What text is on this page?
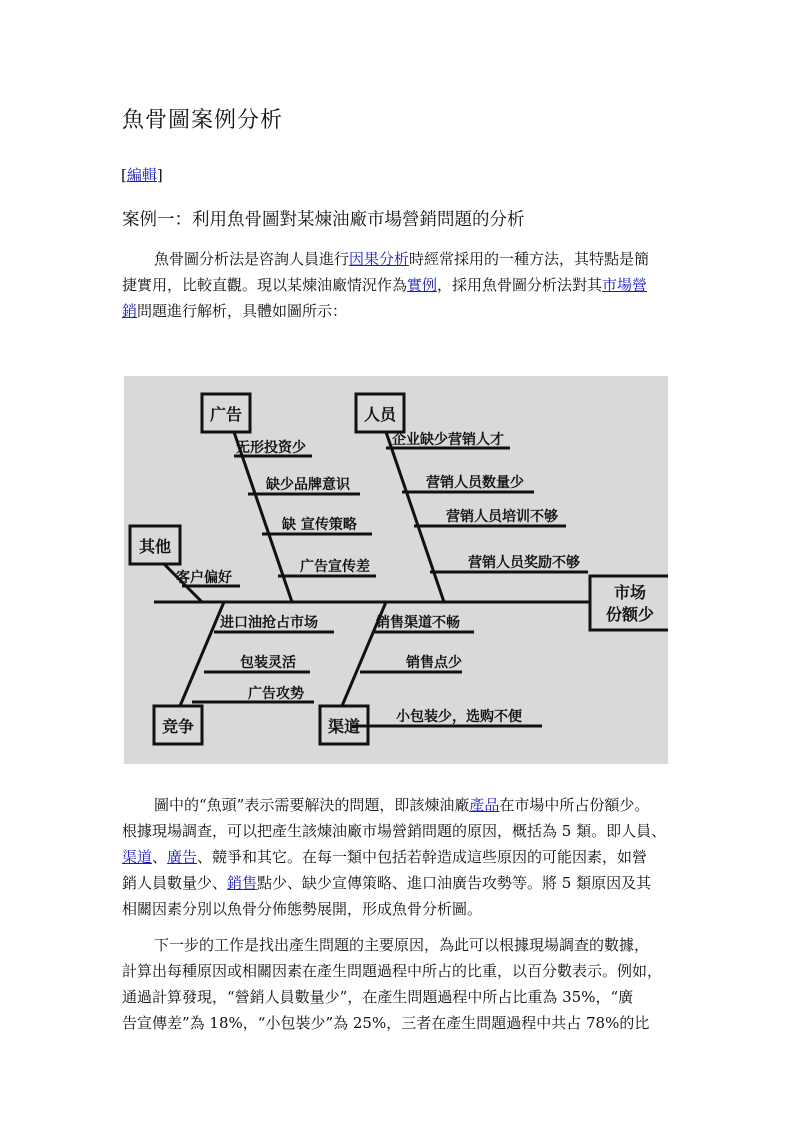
魚骨圖案例分析
[編輯]
案例一：利用魚骨圖對某煉油廠市場營銷問題的分析
魚骨圖分析法是咨詢人員進行因果分析時經常採用的一種方法，其特點是簡
捷實用，比較直觀。現以某煉油廠情況作為實例，採用魚骨圖分析法對其市場營
銷問題進行解析，具體如圖所示：
市场
份额少
广告	人员
其他
竞争	渠道
无形投资少
缺少品牌意识
缺 宣传策略
广告宣传差
企业缺少营销人才
营销人员数量少
营销人员培训不够
营销人员奖励不够
客户偏好
进口油抢占市场
包装灵活
广告攻势
销售渠道不畅
销售点少
小包装少，选购不便
圖中的“魚頭”表示需要解決的問題，即該煉油廠產品在市場中所占份額少。
根據現場調查，可以把產生該煉油廠市場營銷問題的原因，概括為 5 類。即人員、
渠道、廣告、競爭和其它。在每一類中包括若幹造成這些原因的可能因素，如營
銷人員數量少、銷售點少、缺少宣傳策略、進口油廣告攻勢等。將 5 類原因及其
相關因素分別以魚骨分佈態勢展開，形成魚骨分析圖。
下一步的工作是找出產生問題的主要原因，為此可以根據現場調查的數據，
計算出每種原因或相關因素在產生問題過程中所占的比重，以百分數表示。例如，
通過計算發現，“營銷人員數量少”，在產生問題過程中所占比重為 35%，“廣
告宣傳差”為 18%，“小包裝少”為 25%，三者在產生問題過程中共占 78%的比
